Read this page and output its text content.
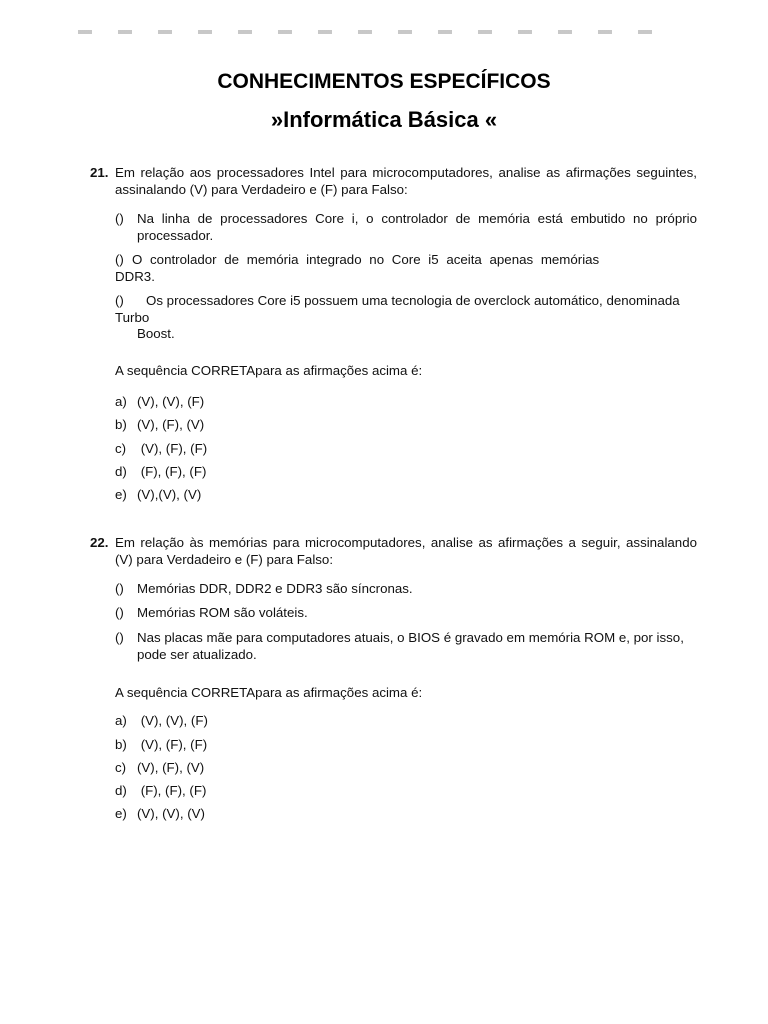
CONHECIMENTOS ESPECÍFICOS
»Informática Básica «
21. Em relação aos processadores Intel para microcomputadores, analise as afirmações seguintes, assinalando (V) para Verdadeiro e (F) para Falso:
() Na linha de processadores Core i, o controlador de memória está embutido no próprio processador.
() O controlador de memória integrado no Core i5 aceita apenas memórias
DDR3.
()	Os processadores Core i5 possuem uma tecnologia de overclock automático, denominada
Turbo
Boost.
A sequência CORRETApara as afirmações acima é:
a) (V), (V), (F)
b) (V), (F), (V)
c) (V), (F), (F)
d) (F), (F), (F)
e) (V),(V), (V)
22. Em relação às memórias para microcomputadores, analise as afirmações a seguir, assinalando (V) para Verdadeiro e (F) para Falso:
() Memórias DDR, DDR2 e DDR3 são síncronas.
() Memórias ROM são voláteis.
() Nas placas mãe para computadores atuais, o BIOS é gravado em memória ROM e, por isso,
pode ser atualizado.
A sequência CORRETApara as afirmações acima é:
a) (V), (V), (F)
b) (V), (F), (F)
c) (V), (F), (V)
d) (F), (F), (F)
e) (V), (V), (V)
